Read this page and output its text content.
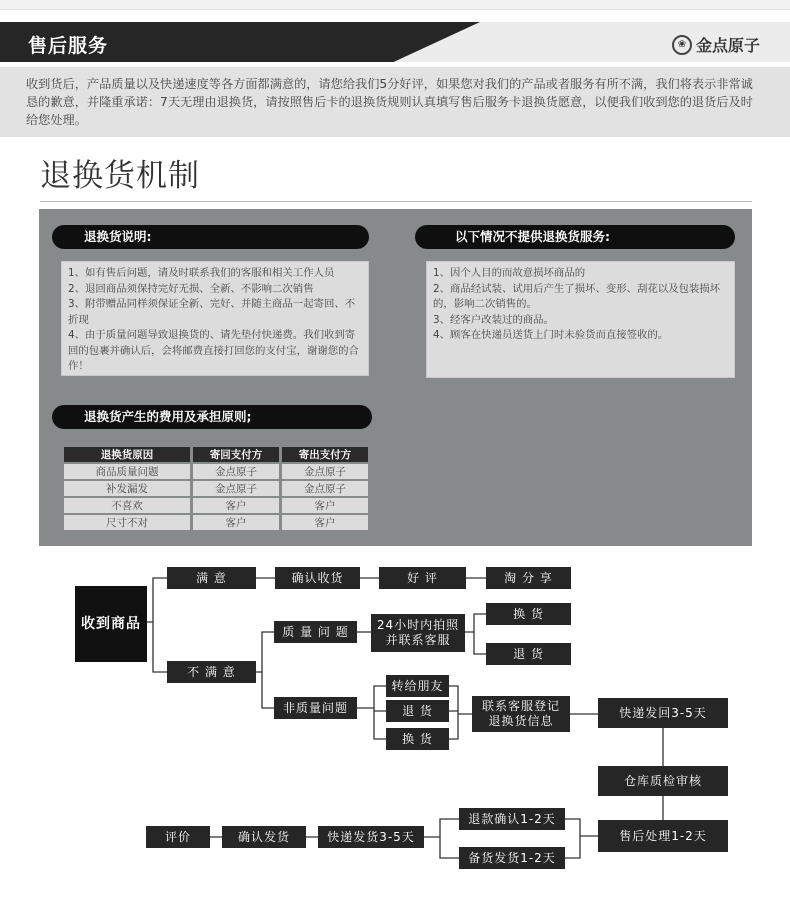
售后服务	❀ 金点原子
收到货后，产品质量以及快递速度等各方面都满意的，请您给我们5分好评，如果您对我们的产品或者服务有所不满，我们将表示非常诚恳的歉意，并隆重承诺：7天无理由退换货，请按照售后卡的退换货规则认真填写售后服务卡退换货愿意，以便我们收到您的退货后及时给您处理。
退换货机制
退换货说明:
1、如有售后问题，请及时联系我们的客服和相关工作人员
2、退回商品须保持完好无损、全新、不影响二次销售
3、附带赠品同样须保证全新、完好、并随主商品一起寄回、不折现
4、由于质量问题导致退换货的、请先垫付快递费。我们收到寄回的包裹并确认后，会将邮费直接打回您的支付宝，谢谢您的合作！
以下情况不提供退换货服务:
1、因个人目的而故意损坏商品的
2、商品经试装、试用后产生了损坏、变形、刮花以及包装损坏的，影响二次销售的。
3、经客户改装过的商品。
4、顾客在快递员送货上门时未验货而直接签收的。
退换货产生的费用及承担原则;
退换货原因	寄回支付方	寄出支付方
商品质量问题	金点原子	金点原子
补发漏发	金点原子	金点原子
不喜欢	客户	客户
尺寸不对	客户	客户
收到商品
满 意	确认收货	好 评	淘 分 享
不 满 意
质 量 问 题	24小时内拍照
并联系客服
换 货
退 货
非质量问题
转给朋友
退 货
换 货
联系客服登记
退换货信息
快递发回3-5天
仓库质检审核
售后处理1-2天
退款确认1-2天
备货发货1-2天
快递发货3-5天
确认发货
评价
